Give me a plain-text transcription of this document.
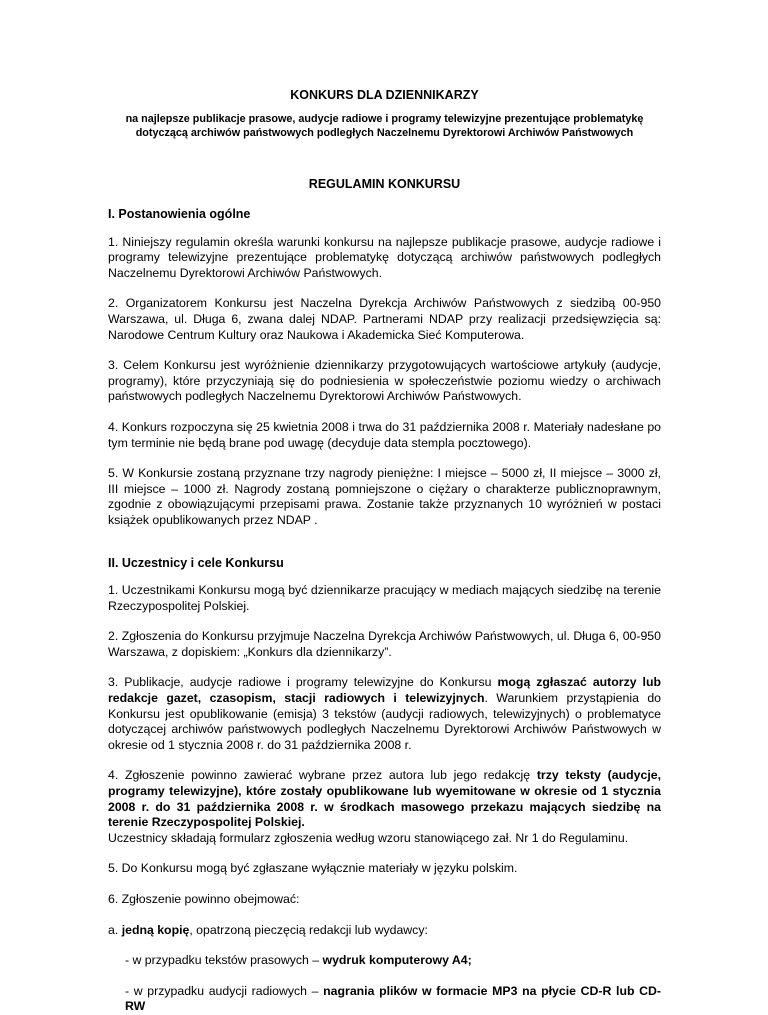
KONKURS DLA DZIENNIKARZY

na najlepsze publikacje prasowe, audycje radiowe i programy telewizyjne prezentujące problematykę
dotyczącą archiwów państwowych podległych Naczelnemu Dyrektorowi Archiwów Państwowych

REGULAMIN KONKURSU

I. Postanowienia ogólne

1. Niniejszy regulamin określa warunki konkursu na najlepsze publikacje prasowe, audycje radiowe i programy telewizyjne prezentujące problematykę dotyczącą archiwów państwowych podległych Naczelnemu Dyrektorowi Archiwów Państwowych.

2. Organizatorem Konkursu jest Naczelna Dyrekcja Archiwów Państwowych z siedzibą 00-950 Warszawa, ul. Długa 6, zwana dalej NDAP. Partnerami NDAP przy realizacji przedsięwzięcia są: Narodowe Centrum Kultury oraz Naukowa i Akademicka Sieć Komputerowa.

3. Celem Konkursu jest wyróżnienie dziennikarzy przygotowujących wartościowe artykuły (audycje, programy), które przyczyniają się do podniesienia w społeczeństwie poziomu wiedzy o archiwach państwowych podległych Naczelnemu Dyrektorowi Archiwów Państwowych.

4. Konkurs rozpoczyna się 25 kwietnia 2008 i trwa do 31 października 2008 r. Materiały nadesłane po tym terminie nie będą brane pod uwagę (decyduje data stempla pocztowego).

5. W Konkursie zostaną przyznane trzy nagrody pieniężne: I miejsce – 5000 zł, II miejsce – 3000 zł, III miejsce – 1000 zł. Nagrody zostaną pomniejszone o ciężary o charakterze publicznoprawnym, zgodnie z obowiązującymi przepisami prawa. Zostanie także przyznanych 10 wyróżnień w postaci książek opublikowanych przez NDAP .

II. Uczestnicy i cele Konkursu

1. Uczestnikami Konkursu mogą być dziennikarze pracujący w mediach mających siedzibę na terenie Rzeczypospolitej Polskiej.

2. Zgłoszenia do Konkursu przyjmuje Naczelna Dyrekcja Archiwów Państwowych, ul. Długa 6, 00-950 Warszawa, z dopiskiem: „Konkurs dla dziennikarzy”.

3. Publikacje, audycje radiowe i programy telewizyjne do Konkursu mogą zgłaszać autorzy lub redakcje gazet, czasopism, stacji radiowych i telewizyjnych. Warunkiem przystąpienia do Konkursu jest opublikowanie (emisja) 3 tekstów (audycji radiowych, telewizyjnych) o problematyce dotyczącej archiwów państwowych podległych Naczelnemu Dyrektorowi Archiwów Państwowych w okresie od 1 stycznia 2008 r. do 31 października 2008 r.

4. Zgłoszenie powinno zawierać wybrane przez autora lub jego redakcję trzy teksty (audycje, programy telewizyjne), które zostały opublikowane lub wyemitowane w okresie od 1 stycznia 2008 r. do 31 października 2008 r. w środkach masowego przekazu mających siedzibę na terenie Rzeczypospolitej Polskiej.

Uczestnicy składają formularz zgłoszenia według wzoru stanowiącego zał. Nr 1 do Regulaminu.

5. Do Konkursu mogą być zgłaszane wyłącznie materiały w języku polskim.

6. Zgłoszenie powinno obejmować:

a. jedną kopię, opatrzoną pieczęcią redakcji lub wydawcy:

- w przypadku tekstów prasowych – wydruk komputerowy A4;

- w przypadku audycji radiowych – nagrania plików w formacie MP3 na płycie CD-R lub CD-RW
